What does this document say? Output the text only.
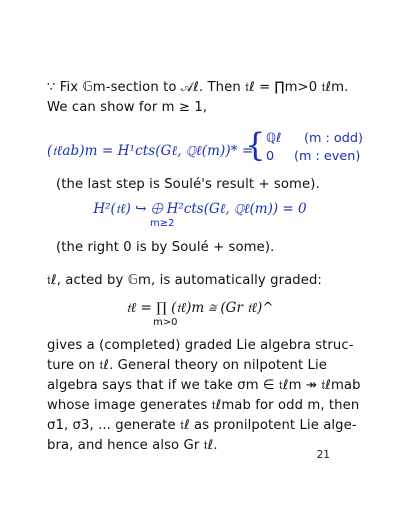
∵ Fix 𝔾m-section to 𝒜ℓ. Then 𝔱ℓ = ∏m>0 𝔱ℓm.
We can show for m ≥ 1,
(𝔱ℓab)m = H¹cts(Gℓ, ℚℓ(m))* =
{ ℚℓ (m : odd)
0 (m : even)
(the last step is Soulé's result + some).
H²(𝔱ℓ) ↪ ⨁ H²cts(Gℓ, ℚℓ(m)) = 0
m≥2
(the right 0 is by Soulé + some).
𝔱ℓ, acted by 𝔾m, is automatically graded:
𝔱ℓ = ∏ (𝔱ℓ)m ≅ (Gr 𝔱ℓ)^
m>0
gives a (completed) graded Lie algebra struc-
ture on 𝔱ℓ. General theory on nilpotent Lie
algebra says that if we take σm ∈ 𝔱ℓm ↠ 𝔱ℓmab
whose image generates 𝔱ℓmab for odd m, then
σ1, σ3, ... generate 𝔱ℓ as pronilpotent Lie alge-
bra, and hence also Gr 𝔱ℓ.
21
